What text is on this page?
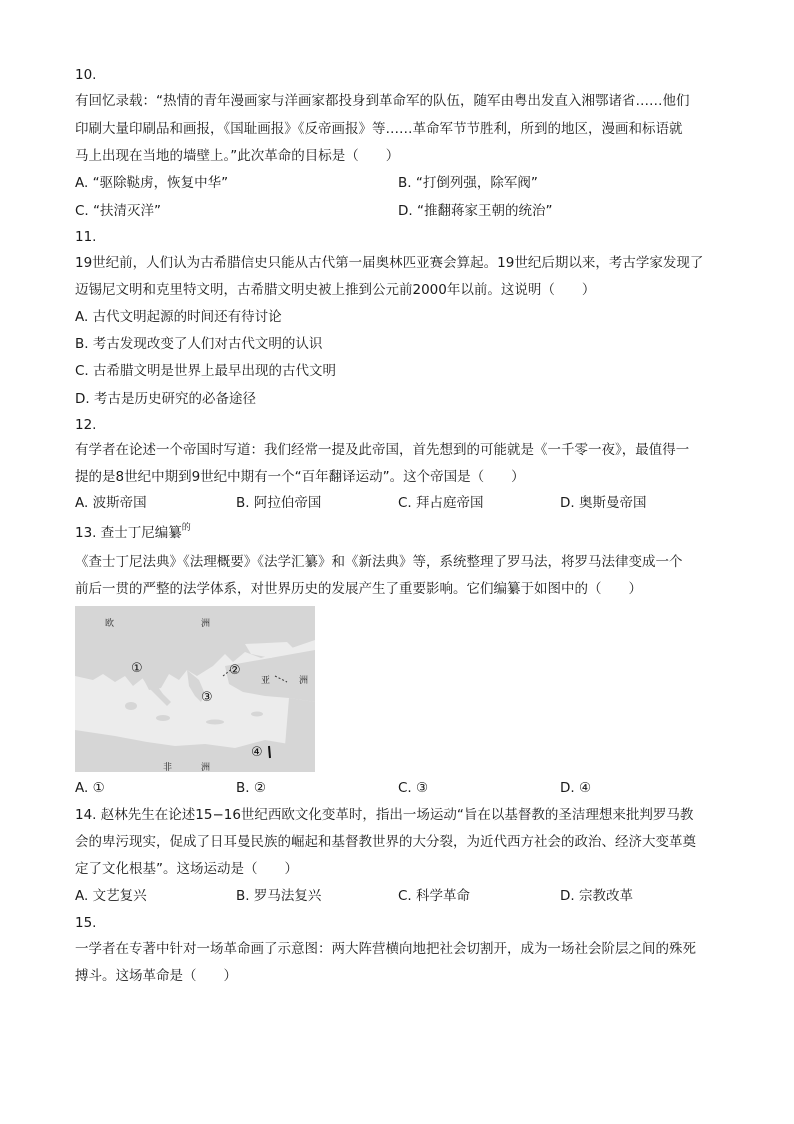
10.
有回忆录载：“热情的青年漫画家与洋画家都投身到革命军的队伍，随军由粤出发直入湘鄂诸省……他们
印刷大量印刷品和画报，《国耻画报》《反帝画报》等……革命军节节胜利，所到的地区，漫画和标语就
马上出现在当地的墙壁上。”此次革命的目标是（　　）
A. “驱除鞑虏，恢复中华”	B. “打倒列强，除军阀”
C. “扶清灭洋”	D. “推翻蒋家王朝的统治”
11.
19世纪前，人们认为古希腊信史只能从古代第一届奥林匹亚赛会算起。19世纪后期以来，考古学家发现了
迈锡尼文明和克里特文明，古希腊文明史被上推到公元前2000年以前。这说明（　　）
A. 古代文明起源的时间还有待讨论
B. 考古发现改变了人们对古代文明的认识
C. 古希腊文明是世界上最早出现的古代文明
D. 考古是历史研究的必备途径
12.
有学者在论述一个帝国时写道：我们经常一提及此帝国，首先想到的可能就是《一千零一夜》，最值得一
提的是8世纪中期到9世纪中期有一个“百年翻译运动”。这个帝国是（　　）
A. 波斯帝国	B. 阿拉伯帝国	C. 拜占庭帝国	D. 奥斯曼帝国
13. 查士丁尼编纂$^的$
《查士丁尼法典》《法理概要》《法学汇纂》和《新法典》等，系统整理了罗马法，将罗马法律变成一个
前后一贯的严整的法学体系，对世界历史的发展产生了重要影响。它们编纂于如图中的（　　）
欧	洲
亚	洲
非	洲
①	②
③
④
A. ①	B. ②	C. ③	D. ④
14. 赵林先生在论述15−16世纪西欧文化变革时，指出一场运动“旨在以基督教的圣洁理想来批判罗马教
会的卑污现实，促成了日耳曼民族的崛起和基督教世界的大分裂，为近代西方社会的政治、经济大变革奠
定了文化根基”。这场运动是（　　）
A. 文艺复兴	B. 罗马法复兴	C. 科学革命	D. 宗教改革
15.
一学者在专著中针对一场革命画了示意图：两大阵营横向地把社会切割开，成为一场社会阶层之间的殊死
搏斗。这场革命是（　　）
